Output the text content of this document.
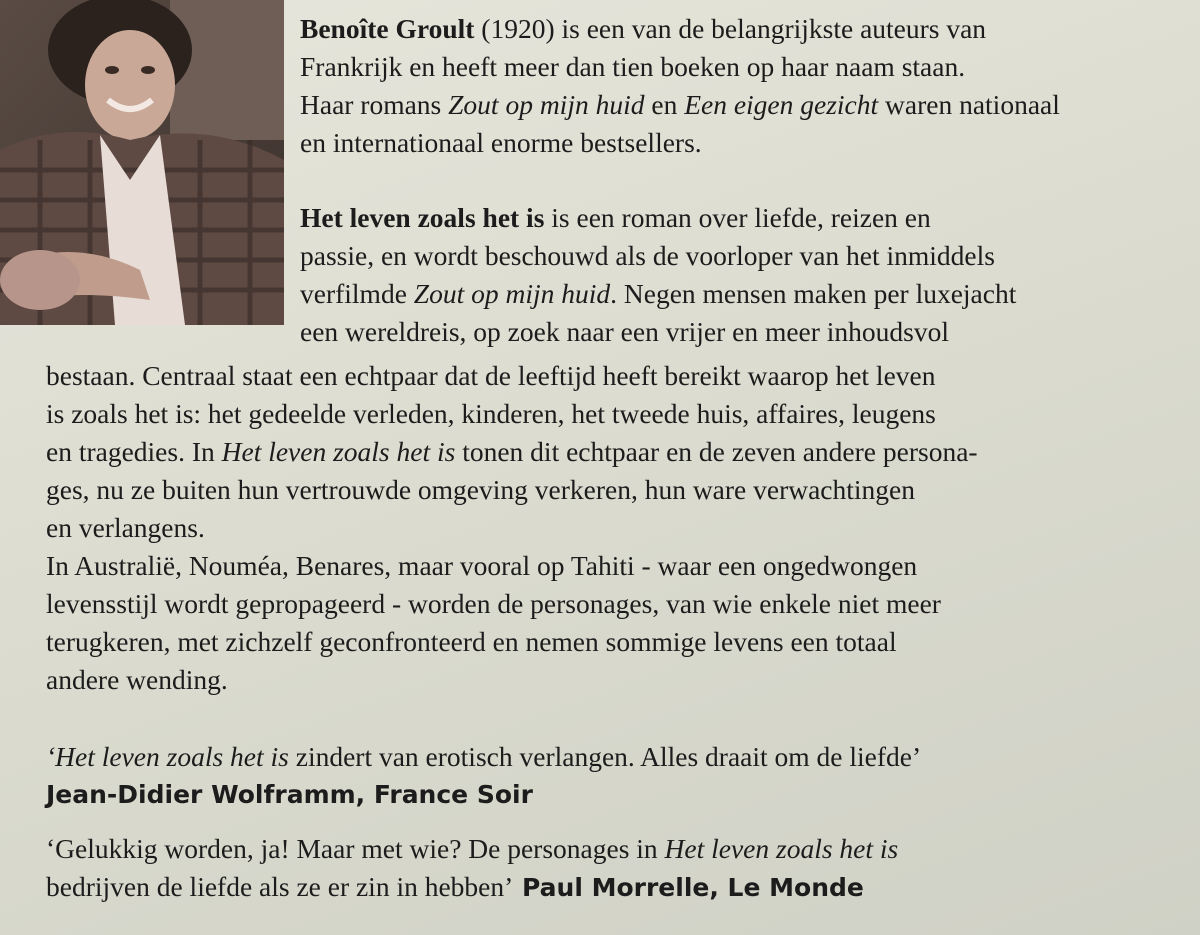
Benoîte Groult (1920) is een van de belangrijkste auteurs van
Frankrijk en heeft meer dan tien boeken op haar naam staan.
Haar romans Zout op mijn huid en Een eigen gezicht waren nationaal
en internationaal enorme bestsellers.
Het leven zoals het is is een roman over liefde, reizen en
passie, en wordt beschouwd als de voorloper van het inmiddels
verfilmde Zout op mijn huid. Negen mensen maken per luxejacht
een wereldreis, op zoek naar een vrijer en meer inhoudsvol
bestaan. Centraal staat een echtpaar dat de leeftijd heeft bereikt waarop het leven
is zoals het is: het gedeelde verleden, kinderen, het tweede huis, affaires, leugens
en tragedies. In Het leven zoals het is tonen dit echtpaar en de zeven andere persona-
ges, nu ze buiten hun vertrouwde omgeving verkeren, hun ware verwachtingen
en verlangens.
In Australië, Nouméa, Benares, maar vooral op Tahiti - waar een ongedwongen
levensstijl wordt gepropageerd - worden de personages, van wie enkele niet meer
terugkeren, met zichzelf geconfronteerd en nemen sommige levens een totaal
andere wending.
‘Het leven zoals het is zindert van erotisch verlangen. Alles draait om de liefde’
Jean-Didier Wolframm, France Soir
‘Gelukkig worden, ja! Maar met wie? De personages in Het leven zoals het is
bedrijven de liefde als ze er zin in hebben’ Paul Morrelle, Le Monde
